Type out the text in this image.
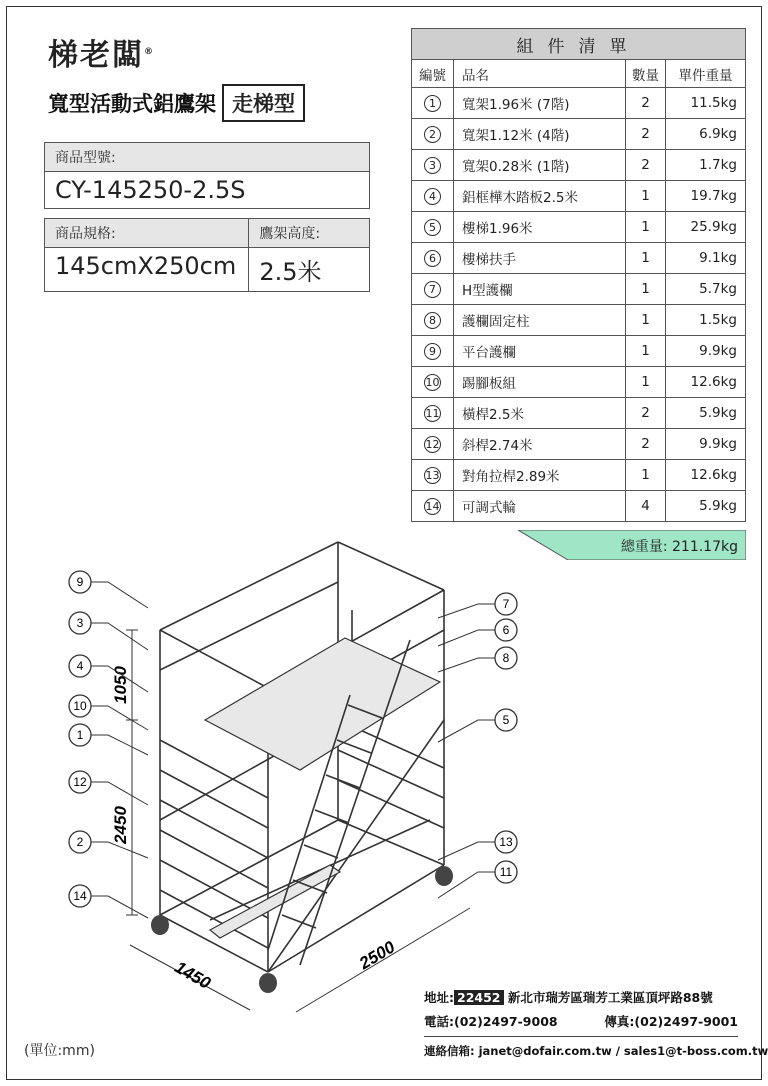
梯老闆®
寬型活動式鋁鷹架 走梯型
商品型號:
CY-145250-2.5S
商品規格:
145cmX250cm
鷹架高度:
2.5米
組件清單			
編號	品名	數量	單件重量
1	寬架1.96米 (7階)	2	11.5kg
2	寬架1.12米 (4階)	2	6.9kg
3	寬架0.28米 (1階)	2	1.7kg
4	鋁框樺木踏板2.5米	1	19.7kg
5	樓梯1.96米	1	25.9kg
6	樓梯扶手	1	9.1kg
7	H型護欄	1	5.7kg
8	護欄固定柱	1	1.5kg
9	平台護欄	1	9.9kg
10	踢腳板組	1	12.6kg
11	橫桿2.5米	2	5.9kg
12	斜桿2.74米	2	9.9kg
13	對角拉桿2.89米	1	12.6kg
14	可調式輪	4	5.9kg
總重量: 211.17kg
1050
2450
1450
2500
9
3
4
10
1
12
2
14
7
6
8
5
13
11
地址: 22452 新北市瑞芳區瑞芳工業區頂坪路88號
電話:(02)2497-9008	傳真:(02)2497-9001
連絡信箱: janet@dofair.com.tw / sales1@t-boss.com.tw
(單位:mm)
